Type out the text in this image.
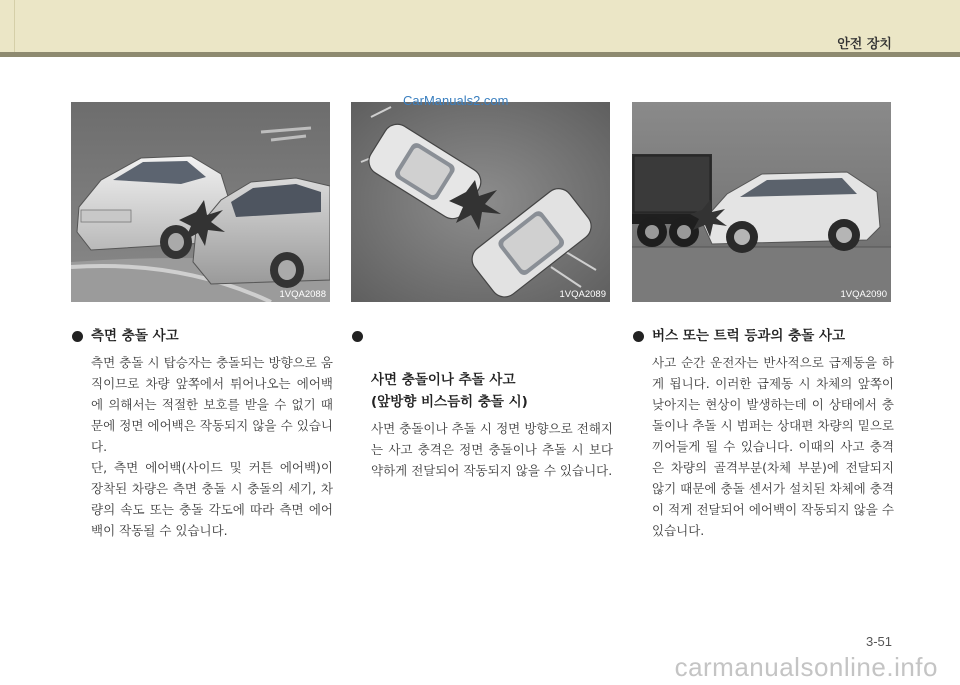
안전 장치
1VQA2088	1VQA2089	1VQA2090
CarManuals2.com
측면 충돌 사고
측면 충돌 시 탑승자는 충돌되는 방향으로 움직이므로 차량 앞쪽에서 튀어나오는 에어백에 의해서는 적절한 보호를 받을 수 없기 때문에 정면 에어백은 작동되지 않을 수 있습니다.
단, 측면 에어백(사이드 및 커튼 에어백)이 장착된 차량은 측면 충돌 시 충돌의 세기, 차량의 속도 또는 충돌 각도에 따라 측면 에어백이 작동될 수 있습니다.

사면 충돌이나 추돌 사고
(앞방향 비스듬히 충돌 시)

사면 충돌이나 추돌 시 정면 방향으로 전해지는 사고 충격은 정면 충돌이나 추돌 시 보다 약하게 전달되어 작동되지 않을 수 있습니다.
버스 또는 트럭 등과의 충돌 사고
사고 순간 운전자는 반사적으로 급제동을 하게 됩니다. 이러한 급제동 시 차체의 앞쪽이 낮아지는 현상이 발생하는데 이 상태에서 충돌이나 추돌 시 범퍼는 상대편 차량의 밑으로 끼어들게 될 수 있습니다. 이때의 사고 충격은 차량의 골격부분(차체 부분)에 전달되지 않기 때문에 충돌 센서가 설치된 차체에 충격이 적게 전달되어 에어백이 작동되지 않을 수 있습니다.
3-51
carmanualsonline.info
